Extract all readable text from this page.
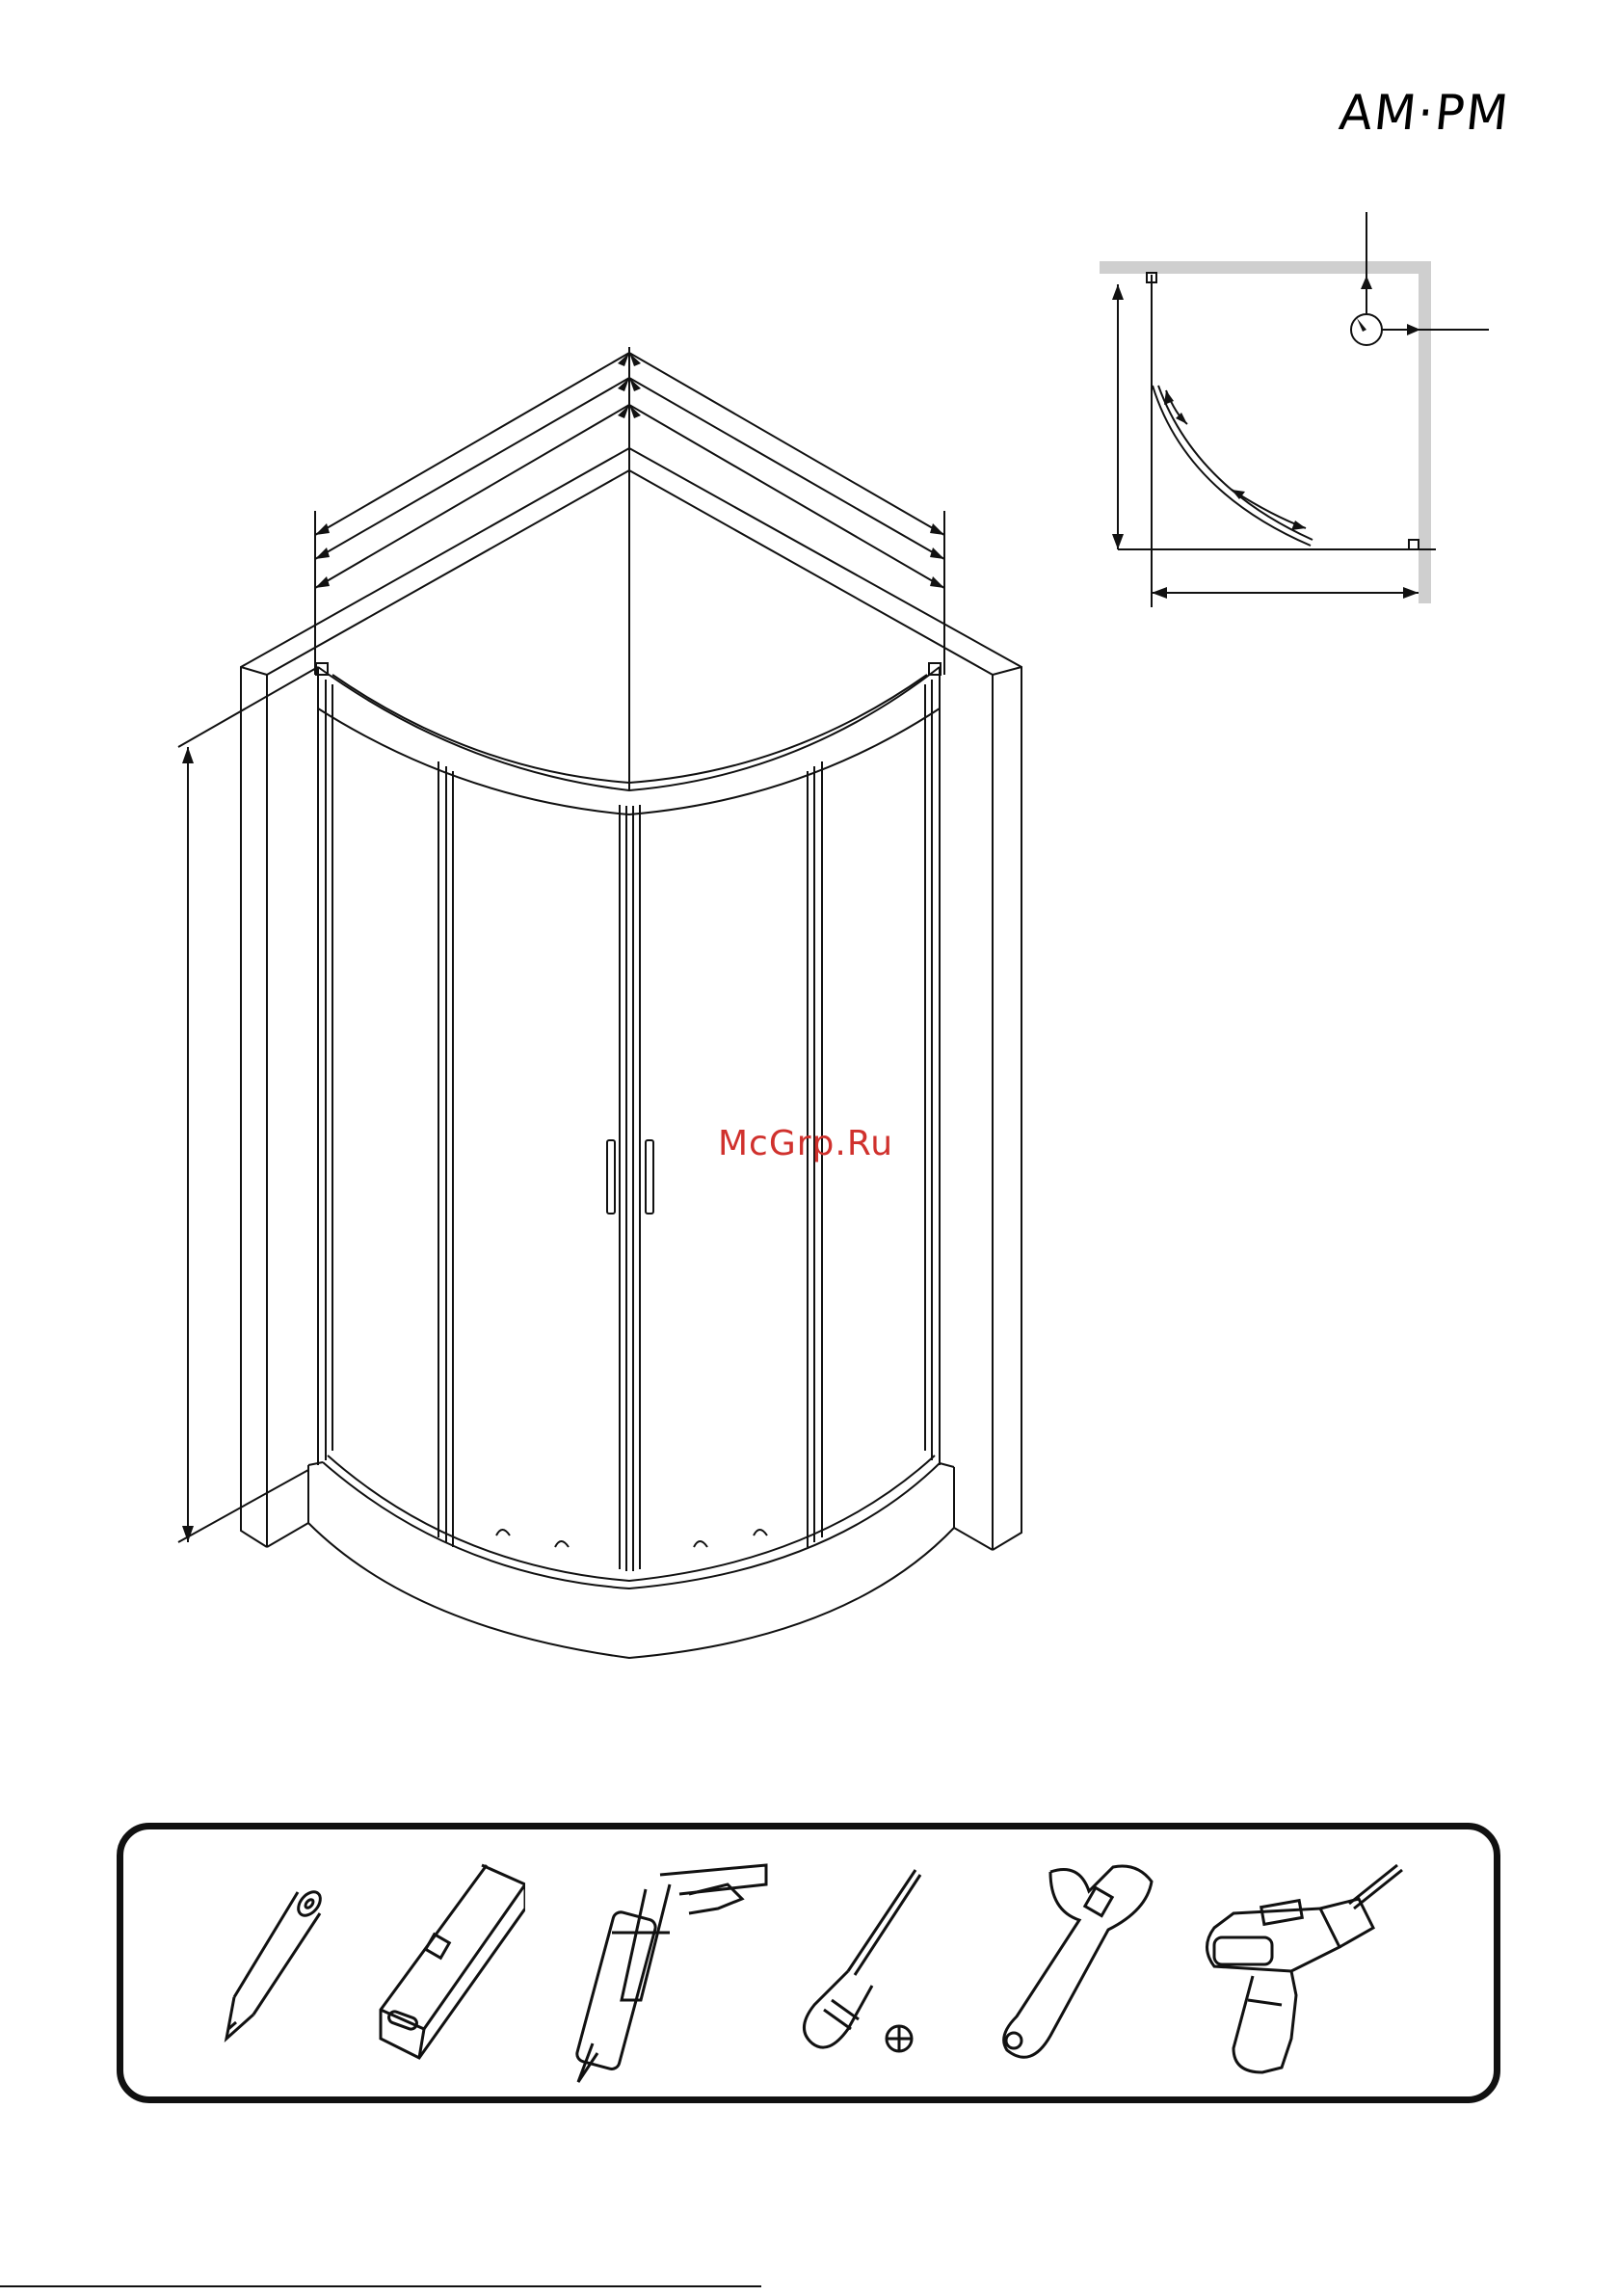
AM·PM
McGrp.Ru
